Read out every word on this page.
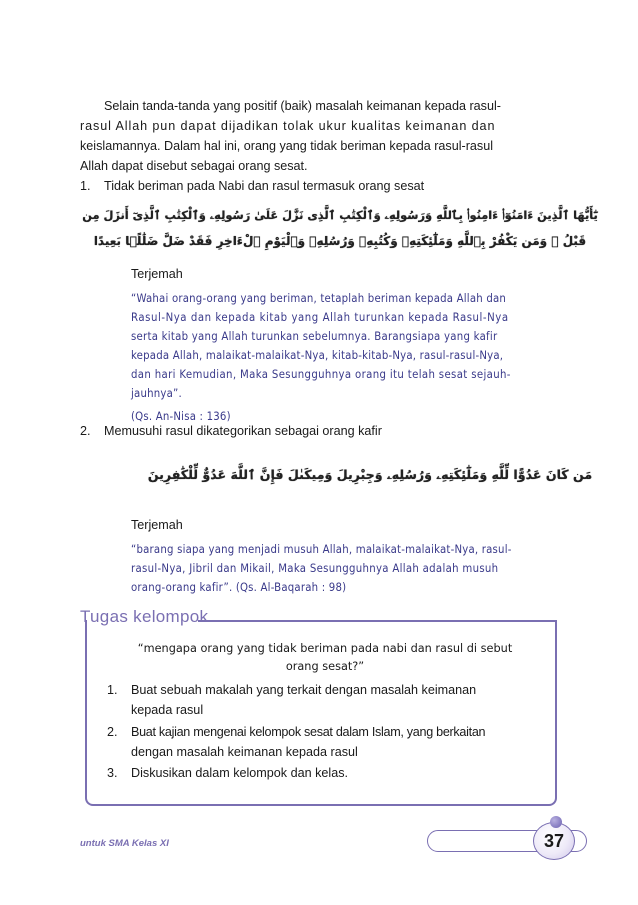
Selain tanda-tanda yang positif (baik) masalah keimanan kepada rasul-
rasul Allah pun dapat dijadikan tolak ukur kualitas keimanan dan
keislamannya. Dalam hal ini, orang yang tidak beriman kepada rasul-rasul
Allah dapat disebut sebagai orang sesat.
1. Tidak beriman pada Nabi dan rasul termasuk orang sesat
يَٰٓأَيُّهَا ٱلَّذِينَ ءَامَنُوٓا۟ ءَامِنُوا۟ بِٱللَّهِ وَرَسُولِهِۦ وَٱلْكِتَٰبِ ٱلَّذِى نَزَّلَ عَلَىٰ رَسُولِهِۦ وَٱلْكِتَٰبِ ٱلَّذِىٓ أَنزَلَ مِن
قَبْلُ ۚ وَمَن يَكْفُرْ بِٱللَّهِ وَمَلَٰٓئِكَتِهِۦ وَكُتُبِهِۦ وَرُسُلِهِۦ وَٱلْيَوْمِ ٱلْءَاخِرِ فَقَدْ ضَلَّ ضَلَٰلًۢا بَعِيدًا
Terjemah
“Wahai orang-orang yang beriman, tetaplah beriman kepada Allah dan
Rasul-Nya dan kepada kitab yang Allah turunkan kepada Rasul-Nya
serta kitab yang Allah turunkan sebelumnya. Barangsiapa yang kafir
kepada Allah, malaikat-malaikat-Nya, kitab-kitab-Nya, rasul-rasul-Nya,
dan hari Kemudian, Maka Sesungguhnya orang itu telah sesat sejauh-
jauhnya”.
(Qs. An-Nisa : 136)
2. Memusuhi rasul dikategorikan sebagai orang kafir
مَن كَانَ عَدُوًّا لِّلَّهِ وَمَلَٰٓئِكَتِهِۦ وَرُسُلِهِۦ وَجِبْرِيلَ وَمِيكَىٰلَ فَإِنَّ ٱللَّهَ عَدُوٌّ لِّلْكَٰفِرِينَ
Terjemah
“barang siapa yang menjadi musuh Allah, malaikat-malaikat-Nya, rasul-
rasul-Nya, Jibril dan Mikail, Maka Sesungguhnya Allah adalah musuh
orang-orang kafir”. (Qs. Al-Baqarah : 98)
Tugas kelompok
“mengapa orang yang tidak beriman pada nabi dan rasul di sebut
orang sesat?”
1. Buat sebuah makalah yang terkait dengan masalah keimanan
kepada rasul
2. Buat kajian mengenai kelompok sesat dalam Islam, yang berkaitan
dengan masalah keimanan kepada rasul
3. Diskusikan dalam kelompok dan kelas.
untuk SMA Kelas XI	37
